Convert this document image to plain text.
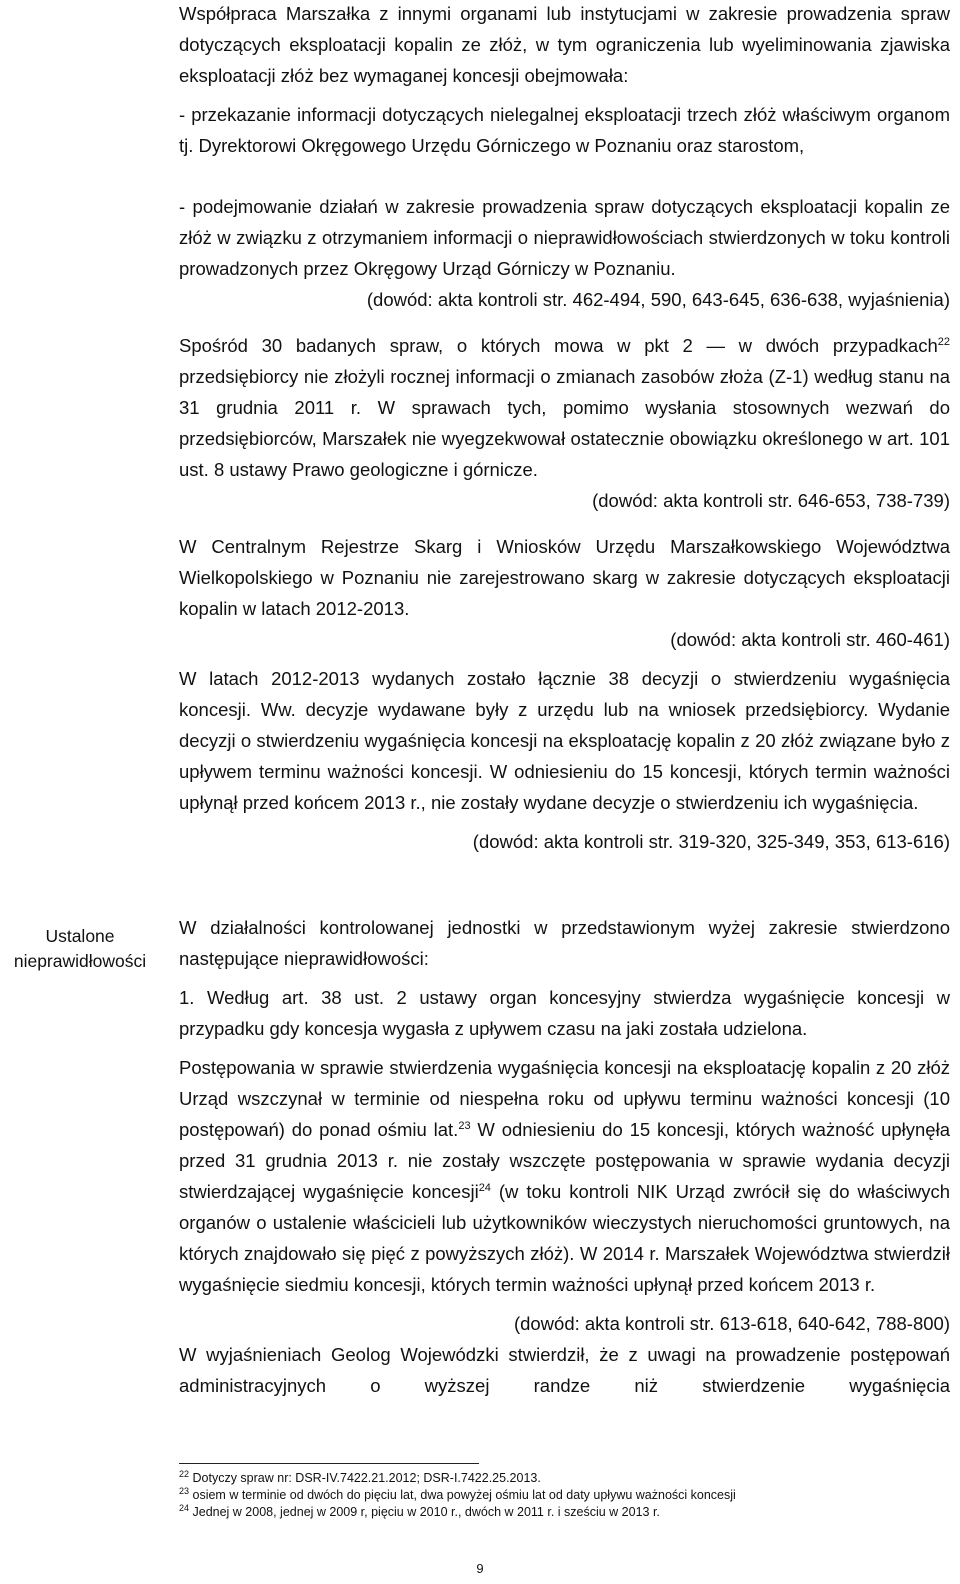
Współpraca Marszałka z innymi organami lub instytucjami w zakresie prowadzenia spraw dotyczących eksploatacji kopalin ze złóż, w tym ograniczenia lub wyeliminowania zjawiska eksploatacji złóż bez wymaganej koncesji obejmowała:

- przekazanie informacji dotyczących nielegalnej eksploatacji trzech złóż właściwym organom tj. Dyrektorowi Okręgowego Urzędu Górniczego w Poznaniu oraz starostom,

- podejmowanie działań w zakresie prowadzenia spraw dotyczących eksploatacji kopalin ze złóż w związku z otrzymaniem informacji o nieprawidłowościach stwierdzonych w toku kontroli prowadzonych przez Okręgowy Urząd Górniczy w Poznaniu.

(dowód: akta kontroli str. 462-494, 590, 643-645, 636-638, wyjaśnienia)

Spośród 30 badanych spraw, o których mowa w pkt 2 — w dwóch przypadkach$^{22}$ przedsiębiorcy nie złożyli rocznej informacji o zmianach zasobów złoża (Z-1) według stanu na 31 grudnia 2011 r. W sprawach tych, pomimo wysłania stosownych wezwań do przedsiębiorców, Marszałek nie wyegzekwował ostatecznie obowiązku określonego w art. 101 ust. 8 ustawy Prawo geologiczne i górnicze.

(dowód: akta kontroli str. 646-653, 738-739)

W Centralnym Rejestrze Skarg i Wniosków Urzędu Marszałkowskiego Województwa Wielkopolskiego w Poznaniu nie zarejestrowano skarg w zakresie dotyczących eksploatacji kopalin w latach 2012-2013.

(dowód: akta kontroli str. 460-461)

W latach 2012-2013 wydanych zostało łącznie 38 decyzji o stwierdzeniu wygaśnięcia koncesji. Ww. decyzje wydawane były z urzędu lub na wniosek przedsiębiorcy. Wydanie decyzji o stwierdzeniu wygaśnięcia koncesji na eksploatację kopalin z 20 złóż związane było z upływem terminu ważności koncesji. W odniesieniu do 15 koncesji, których termin ważności upłynął przed końcem 2013 r., nie zostały wydane decyzje o stwierdzeniu ich wygaśnięcia.

(dowód: akta kontroli str. 319-320, 325-349, 353, 613-616)

Ustalone nieprawidłowości

W działalności kontrolowanej jednostki w przedstawionym wyżej zakresie stwierdzono następujące nieprawidłowości:

1. Według art. 38 ust. 2 ustawy organ koncesyjny stwierdza wygaśnięcie koncesji w przypadku gdy koncesja wygasła z upływem czasu na jaki została udzielona.

Postępowania w sprawie stwierdzenia wygaśnięcia koncesji na eksploatację kopalin z 20 złóż Urząd wszczynał w terminie od niespełna roku od upływu terminu ważności koncesji (10 postępowań) do ponad ośmiu lat.$^{23}$ W odniesieniu do 15 koncesji, których ważność upłynęła przed 31 grudnia 2013 r. nie zostały wszczęte postępowania w sprawie wydania decyzji stwierdzającej wygaśnięcie koncesji$^{24}$ (w toku kontroli NIK Urząd zwrócił się do właściwych organów o ustalenie właścicieli lub użytkowników wieczystych nieruchomości gruntowych, na których znajdowało się pięć z powyższych złóż). W 2014 r. Marszałek Województwa stwierdził wygaśnięcie siedmiu koncesji, których termin ważności upłynął przed końcem 2013 r.

(dowód: akta kontroli str. 613-618, 640-642, 788-800)

W wyjaśnieniach Geolog Wojewódzki stwierdził, że z uwagi na prowadzenie postępowań administracyjnych o wyższej randze niż stwierdzenie wygaśnięcia

$^{22}$ Dotyczy spraw nr: DSR-IV.7422.21.2012; DSR-I.7422.25.2013.
$^{23}$ osiem w terminie od dwóch do pięciu lat, dwa powyżej ośmiu lat od daty upływu ważności koncesji
$^{24}$ Jednej w 2008, jednej w 2009 r, pięciu w 2010 r., dwóch w 2011 r. i sześciu w 2013 r.
9
